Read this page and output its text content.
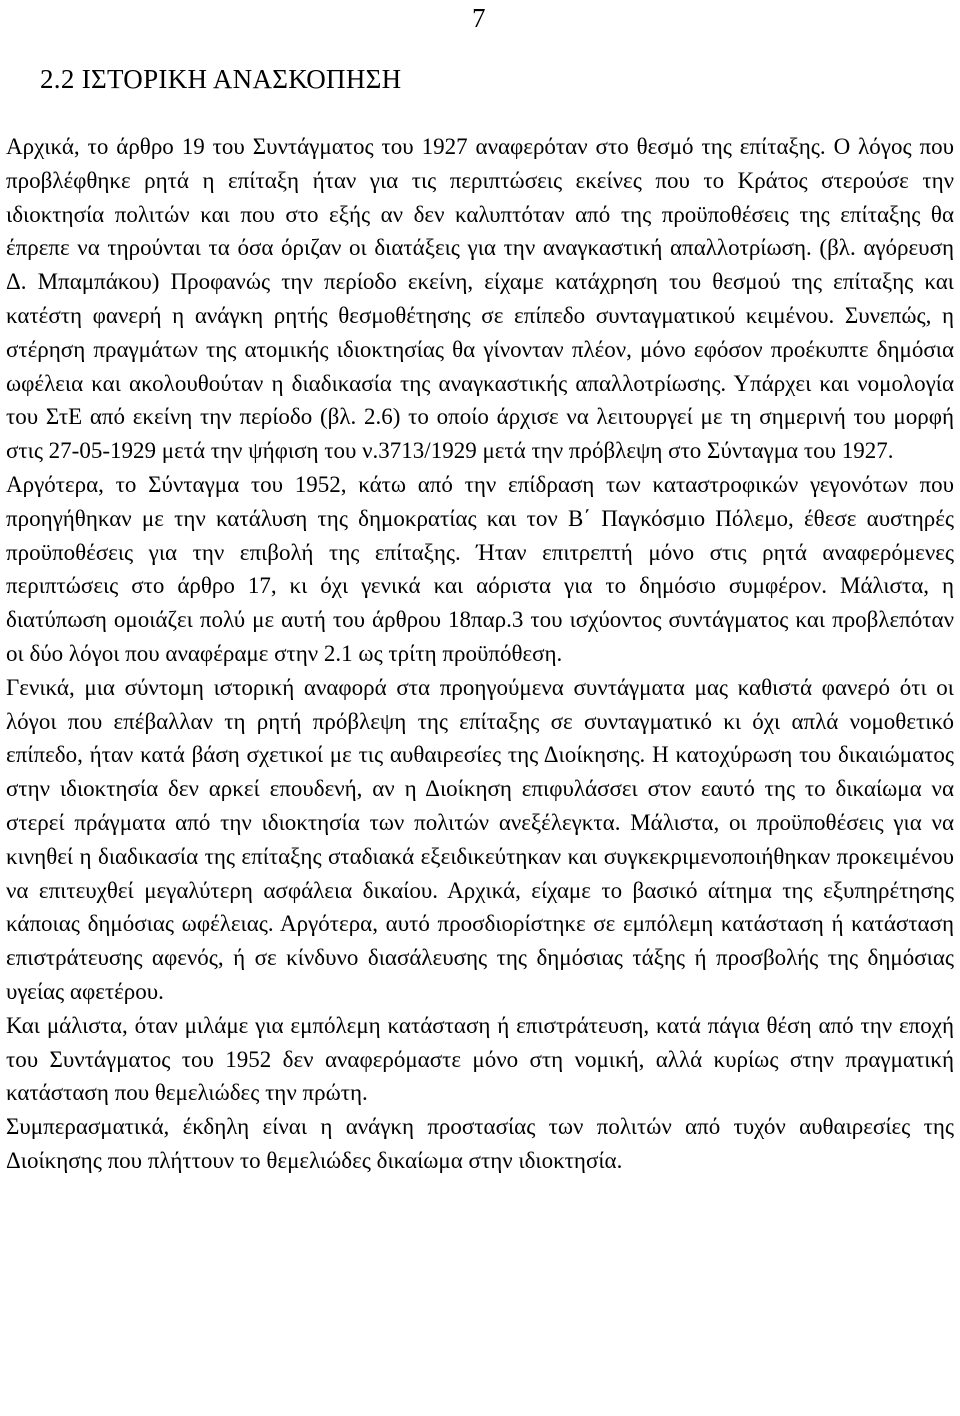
7
2.2 ΙΣΤΟΡΙΚΗ ΑΝΑΣΚΟΠΗΣΗ

Αρχικά, το άρθρο 19 του Συντάγματος του 1927 αναφερόταν στο θεσμό της επίταξης. Ο λόγος που προβλέφθηκε ρητά η επίταξη ήταν για τις περιπτώσεις εκείνες που το Κράτος στερούσε την ιδιοκτησία πολιτών και που στο εξής αν δεν καλυπτόταν από της προϋποθέσεις της επίταξης θα έπρεπε να τηρούνται τα όσα όριζαν οι διατάξεις για την αναγκαστική απαλλοτρίωση. (βλ. αγόρευση Δ. Μπαμπάκου) Προφανώς την περίοδο εκείνη, είχαμε κατάχρηση του θεσμού της επίταξης και κατέστη φανερή η ανάγκη ρητής θεσμοθέτησης σε επίπεδο συνταγματικού κειμένου. Συνεπώς, η στέρηση πραγμάτων της ατομικής ιδιοκτησίας θα γίνονταν πλέον, μόνο εφόσον προέκυπτε δημόσια ωφέλεια και ακολουθούταν η διαδικασία της αναγκαστικής απαλλοτρίωσης. Υπάρχει και νομολογία του ΣτΕ από εκείνη την περίοδο (βλ. 2.6) το οποίο άρχισε να λειτουργεί με τη σημερινή του μορφή στις 27-05-1929 μετά την ψήφιση του ν.3713/1929 μετά την πρόβλεψη στο Σύνταγμα του 1927.

Αργότερα, το Σύνταγμα του 1952, κάτω από την επίδραση των καταστροφικών γεγονότων που προηγήθηκαν με την κατάλυση της δημοκρατίας και τον Β΄ Παγκόσμιο Πόλεμο, έθεσε αυστηρές προϋποθέσεις για την επιβολή της επίταξης. Ήταν επιτρεπτή μόνο στις ρητά αναφερόμενες περιπτώσεις στο άρθρο 17, κι όχι γενικά και αόριστα για το δημόσιο συμφέρον. Μάλιστα, η διατύπωση ομοιάζει πολύ με αυτή του άρθρου 18παρ.3 του ισχύοντος συντάγματος και προβλεπόταν οι δύο λόγοι που αναφέραμε στην 2.1 ως τρίτη προϋπόθεση.

Γενικά, μια σύντομη ιστορική αναφορά στα προηγούμενα συντάγματα μας καθιστά φανερό ότι οι λόγοι που επέβαλλαν τη ρητή πρόβλεψη της επίταξης σε συνταγματικό κι όχι απλά νομοθετικό επίπεδο, ήταν κατά βάση σχετικοί με τις αυθαιρεσίες της Διοίκησης. Η κατοχύρωση του δικαιώματος στην ιδιοκτησία δεν αρκεί επουδενή, αν η Διοίκηση επιφυλάσσει στον εαυτό της το δικαίωμα να στερεί πράγματα από την ιδιοκτησία των πολιτών ανεξέλεγκτα. Μάλιστα, οι προϋποθέσεις για να κινηθεί η διαδικασία της επίταξης σταδιακά εξειδικεύτηκαν και συγκεκριμενοποιήθηκαν προκειμένου να επιτευχθεί μεγαλύτερη ασφάλεια δικαίου. Αρχικά, είχαμε το βασικό αίτημα της εξυπηρέτησης κάποιας δημόσιας ωφέλειας. Αργότερα, αυτό προσδιορίστηκε σε εμπόλεμη κατάσταση ή κατάσταση επιστράτευσης αφενός, ή σε κίνδυνο διασάλευσης της δημόσιας τάξης ή προσβολής της δημόσιας υγείας αφετέρου.

Και μάλιστα, όταν μιλάμε για εμπόλεμη κατάσταση ή επιστράτευση, κατά πάγια θέση από την εποχή του Συντάγματος του 1952 δεν αναφερόμαστε μόνο στη νομική, αλλά κυρίως στην πραγματική κατάσταση που θεμελιώδες την πρώτη.

Συμπερασματικά, έκδηλη είναι η ανάγκη προστασίας των πολιτών από τυχόν αυθαιρεσίες της Διοίκησης που πλήττουν το θεμελιώδες δικαίωμα στην ιδιοκτησία.
